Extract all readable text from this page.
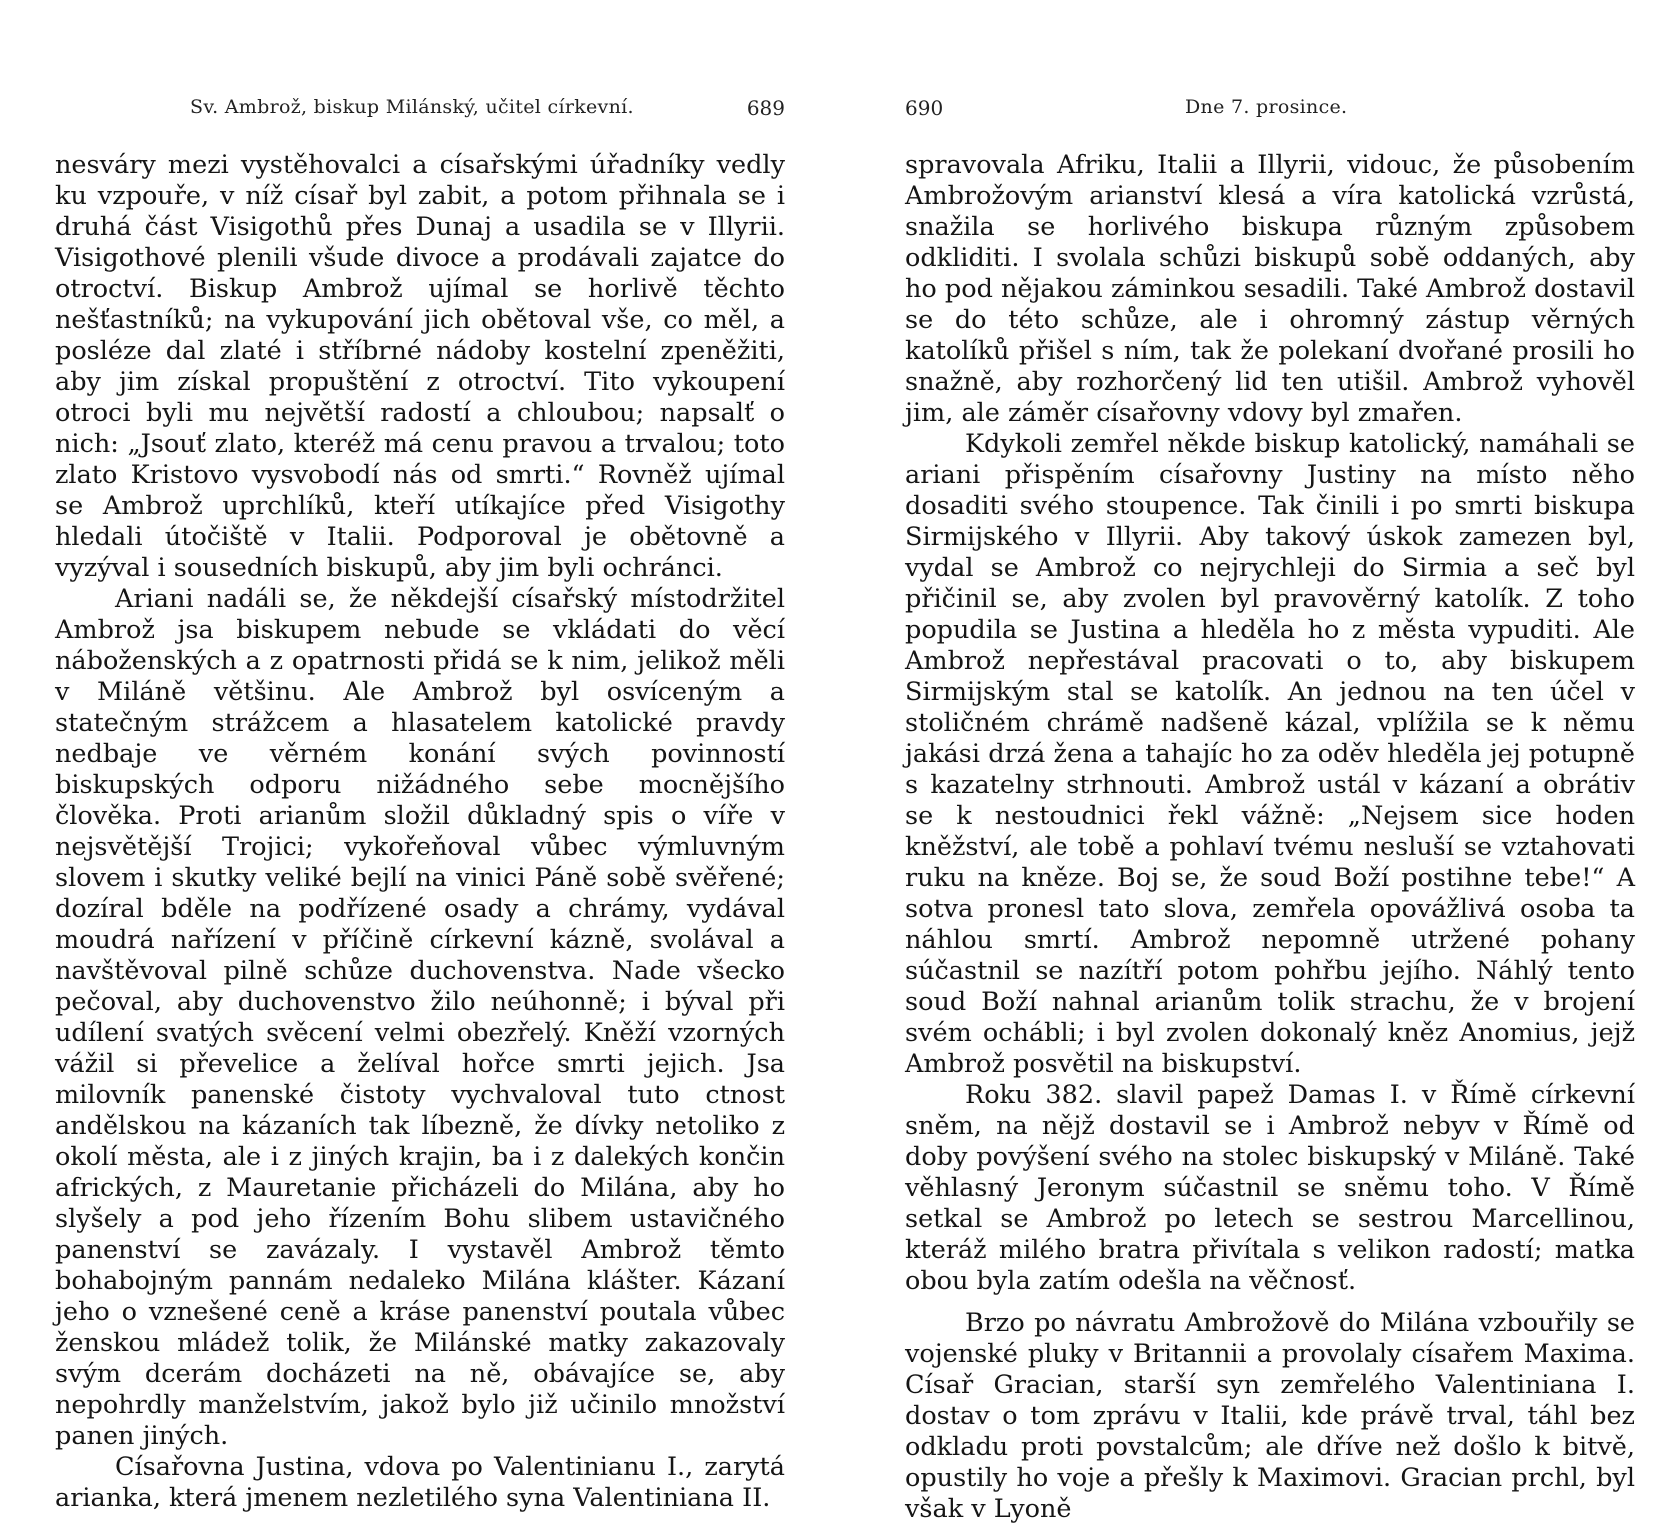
Sv. Ambrož, biskup Milánský, učitel církevní.	689

nesváry mezi vystěhovalci a císařskými úřadníky vedly ku vzpouře, v níž císař byl zabit, a potom přihnala se i druhá část Visigothů přes Dunaj a usadila se v Illyrii. Visigothové plenili všude divoce a prodávali zajatce do otroctví. Biskup Ambrož ujímal se horlivě těchto nešťastníků; na vykupování jich obětoval vše, co měl, a posléze dal zlaté i stříbrné nádoby kostelní zpeněžiti, aby jim získal propuštění z otroctví. Tito vykoupení otroci byli mu největší radostí a chloubou; napsalť o nich: „Jsouť zlato, kteréž má cenu pravou a trvalou; toto zlato Kristovo vysvobodí nás od smrti.“ Rovněž ujímal se Ambrož uprchlíků, kteří utíkajíce před Visigothy hledali útočiště v Italii. Podporoval je obětovně a vyzýval i sousedních biskupů, aby jim byli ochránci.

Ariani nadáli se, že někdejší císařský místodržitel Ambrož jsa biskupem nebude se vkládati do věcí náboženských a z opatrnosti přidá se k nim, jelikož měli v Miláně většinu. Ale Ambrož byl osvíceným a statečným strážcem a hlasatelem katolické pravdy nedbaje ve věrném konání svých povinností biskupských odporu nižádného sebe mocnějšího člověka. Proti arianům složil důkladný spis o víře v nejsvětější Trojici; vykořeňoval vůbec výmluvným slovem i skutky veliké bejlí na vinici Páně sobě svěřené; dozíral bděle na podřízené osady a chrámy, vydával moudrá nařízení v příčině církevní kázně, svolával a navštěvoval pilně schůze duchovenstva. Nade všecko pečoval, aby duchovenstvo žilo neúhonně; i býval při udílení svatých svěcení velmi obezřelý. Kněží vzorných vážil si převelice a želíval hořce smrti jejich. Jsa milovník panenské čistoty vychvaloval tuto ctnost andělskou na kázaních tak líbezně, že dívky netoliko z okolí města, ale i z jiných krajin, ba i z dalekých končin afrických, z Mauretanie přicházeli do Milána, aby ho slyšely a pod jeho řízením Bohu slibem ustavičného panenství se zavázaly. I vystavěl Ambrož těmto bohabojným pannám nedaleko Milána klášter. Kázaní jeho o vznešené ceně a kráse panenství poutala vůbec ženskou mládež tolik, že Milánské matky zakazovaly svým dcerám docházeti na ně, obávajíce se, aby nepohrdly manželstvím, jakož bylo již učinilo množství panen jiných.

Císařovna Justina, vdova po Valentinianu I., zarytá arianka, která jmenem nezletilého syna Valentiniana II.

690	Dne 7. prosince.

spravovala Afriku, Italii a Illyrii, vidouc, že působením Ambrožovým arianství klesá a víra katolická vzrůstá, snažila se horlivého biskupa různým způsobem odkliditi. I svolala schůzi biskupů sobě oddaných, aby ho pod nějakou záminkou sesadili. Také Ambrož dostavil se do této schůze, ale i ohromný zástup věrných katolíků přišel s ním, tak že polekaní dvořané prosili ho snažně, aby rozhorčený lid ten utišil. Ambrož vyhověl jim, ale záměr císařovny vdovy byl zmařen.

Kdykoli zemřel někde biskup katolický, namáhali se ariani přispěním císařovny Justiny na místo něho dosaditi svého stoupence. Tak činili i po smrti biskupa Sirmijského v Illyrii. Aby takový úskok zamezen byl, vydal se Ambrož co nejrychleji do Sirmia a seč byl přičinil se, aby zvolen byl pravověrný katolík. Z toho popudila se Justina a hleděla ho z města vypuditi. Ale Ambrož nepřestával pracovati o to, aby biskupem Sirmijským stal se katolík. An jednou na ten účel v stoličném chrámě nadšeně kázal, vplížila se k němu jakási drzá žena a tahajíc ho za oděv hleděla jej potupně s kazatelny strhnouti. Ambrož ustál v kázaní a obrátiv se k nestoudnici řekl vážně: „Nejsem sice hoden kněžství, ale tobě a pohlaví tvému nesluší se vztahovati ruku na kněze. Boj se, že soud Boží postihne tebe!“ A sotva pronesl tato slova, zemřela opovážlivá osoba ta náhlou smrtí. Ambrož nepomně utržené pohany súčastnil se nazítří potom pohřbu jejího. Náhlý tento soud Boží nahnal arianům tolik strachu, že v brojení svém ochábli; i byl zvolen dokonalý kněz Anomius, jejž Ambrož posvětil na biskupství.

Roku 382. slavil papež Damas I. v Římě církevní sněm, na nějž dostavil se i Ambrož nebyv v Římě od doby povýšení svého na stolec biskupský v Miláně. Také věhlasný Jeronym súčastnil se sněmu toho. V Římě setkal se Ambrož po letech se sestrou Marcellinou, kteráž milého bratra přivítala s velikon radostí; matka obou byla zatím odešla na věčnosť.

Brzo po návratu Ambrožově do Milána vzbouřily se vojenské pluky v Britannii a provolaly císařem Maxima. Císař Gracian, starší syn zemřelého Valentiniana I. dostav o tom zprávu v Italii, kde právě trval, táhl bez odkladu proti povstalcům; ale dříve než došlo k bitvě, opustily ho voje a přešly k Maximovi. Gracian prchl, byl však v Lyoně
